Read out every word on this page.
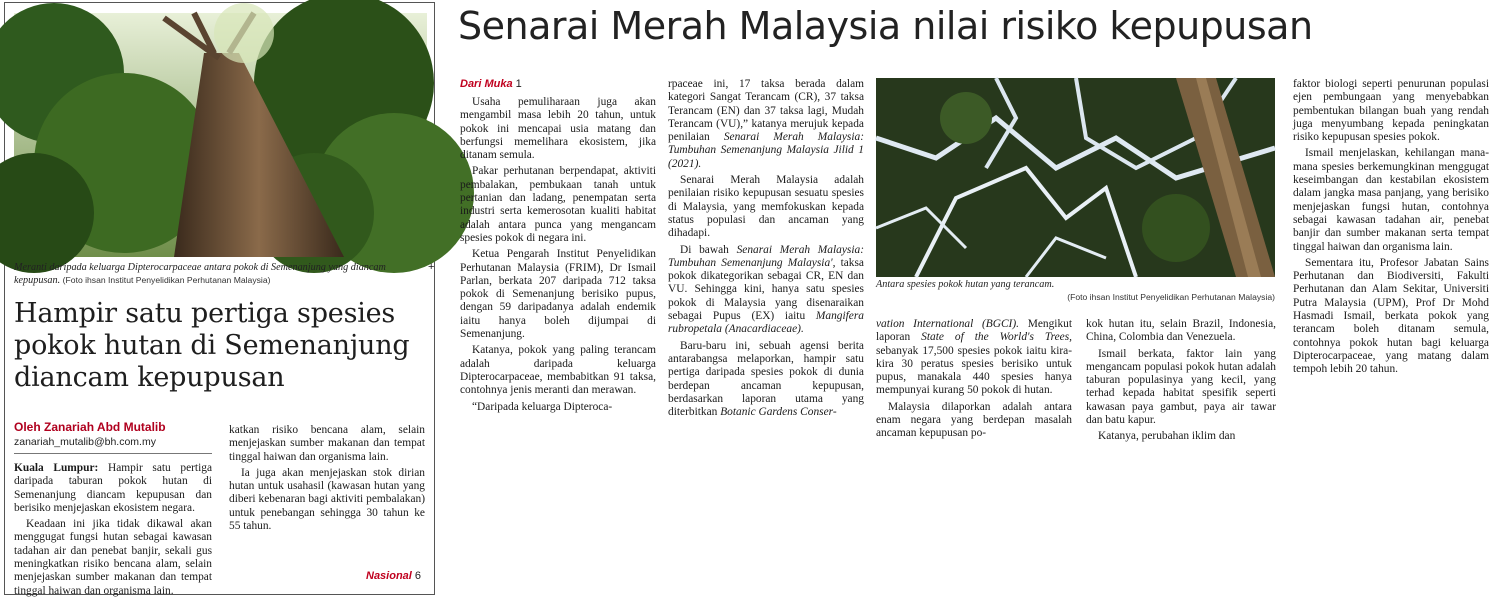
Meranti daripada keluarga Dipterocarpaceae antara pokok di Semenanjung yang diancam kepupusan. (Foto ihsan Institut Penyelidikan Perhutanan Malaysia)
+
Hampir satu pertiga spesies pokok hutan di Semenanjung diancam kepupusan
Oleh Zanariah Abd Mutalib
zanariah_mutalib@bh.com.my

Kuala Lumpur: Hampir satu pertiga daripada taburan pokok hutan di Semenanjung diancam kepupusan dan berisiko menjejaskan ekosistem negara.

Keadaan ini jika tidak dikawal akan menggugat fungsi hutan sebagai kawasan tadahan air dan penebat banjir, sekali gus meningkatkan risiko bencana alam, selain menjejaskan sumber makanan dan tempat tinggal haiwan dan organisma lain.

katkan risiko bencana alam, selain menjejaskan sumber makanan dan tempat tinggal haiwan dan organisma lain.

Ia juga akan menjejaskan stok dirian hutan untuk usahasil (kawasan hutan yang diberi kebenaran bagi aktiviti pembalakan) untuk penebangan sehingga 30 tahun ke 55 tahun.

Nasional 6
Senarai Merah Malaysia nilai risiko kepupusan
Dari Muka 1

Usaha pemuliharaan juga akan mengambil masa lebih 20 tahun, untuk pokok ini mencapai usia matang dan berfungsi memelihara ekosistem, jika ditanam semula.

Pakar perhutanan berpendapat, aktiviti pembalakan, pembukaan tanah untuk pertanian dan ladang, penempatan serta industri serta kemerosotan kualiti habitat adalah antara punca yang mengancam spesies pokok di negara ini.

Ketua Pengarah Institut Penyelidikan Perhutanan Malaysia (FRIM), Dr Ismail Parlan, berkata 207 daripada 712 taksa pokok di Semenanjung berisiko pupus, dengan 59 daripadanya adalah endemik iaitu hanya boleh dijumpai di Semenanjung.

Katanya, pokok yang paling terancam adalah daripada keluarga Dipterocarpaceae, membabitkan 91 taksa, contohnya jenis meranti dan merawan.

“Daripada keluarga Dipteroca-

rpaceae ini, 17 taksa berada dalam kategori Sangat Terancam (CR), 37 taksa Terancam (EN) dan 37 taksa lagi, Mudah Terancam (VU),” katanya merujuk kepada penilaian Senarai Merah Malaysia: Tumbuhan Semenanjung Malaysia Jilid 1 (2021).

Senarai Merah Malaysia adalah penilaian risiko kepupusan sesuatu spesies di Malaysia, yang memfokuskan kepada status populasi dan ancaman yang dihadapi.

Di bawah Senarai Merah Malaysia: Tumbuhan Semenanjung Malaysia', taksa pokok dikategorikan sebagai CR, EN dan VU. Sehingga kini, hanya satu spesies pokok di Malaysia yang disenaraikan sebagai Pupus (EX) iaitu Mangifera rubropetala (Anacardiaceae).

Baru-baru ini, sebuah agensi berita antarabangsa melaporkan, hampir satu pertiga daripada spesies pokok di dunia berdepan ancaman kepupusan, berdasarkan laporan utama yang diterbitkan Botanic Gardens Conser-

Antara spesies pokok hutan yang terancam.
(Foto ihsan Institut Penyelidikan Perhutanan Malaysia)

vation International (BGCI). Mengikut laporan State of the World's Trees, sebanyak 17,500 spesies pokok iaitu kira-kira 30 peratus spesies berisiko untuk pupus, manakala 440 spesies hanya mempunyai kurang 50 pokok di hutan.

Malaysia dilaporkan adalah antara enam negara yang berdepan masalah ancaman kepupusan po-

kok hutan itu, selain Brazil, Indonesia, China, Colombia dan Venezuela.

Ismail berkata, faktor lain yang mengancam populasi pokok hutan adalah taburan populasinya yang kecil, yang terhad kepada habitat spesifik seperti kawasan paya gambut, paya air tawar dan batu kapur.

Katanya, perubahan iklim dan

faktor biologi seperti penurunan populasi ejen pembungaan yang menyebabkan pembentukan bilangan buah yang rendah juga menyumbang kepada peningkatan risiko kepupusan spesies pokok.

Ismail menjelaskan, kehilangan mana-mana spesies berkemungkinan menggugat keseimbangan dan kestabilan ekosistem dalam jangka masa panjang, yang berisiko menjejaskan fungsi hutan, contohnya sebagai kawasan tadahan air, penebat banjir dan sumber makanan serta tempat tinggal haiwan dan organisma lain.

Sementara itu, Profesor Jabatan Sains Perhutanan dan Biodiversiti, Fakulti Perhutanan dan Alam Sekitar, Universiti Putra Malaysia (UPM), Prof Dr Mohd Hasmadi Ismail, berkata pokok yang terancam boleh ditanam semula, contohnya pokok hutan bagi keluarga Dipterocarpaceae, yang matang dalam tempoh lebih 20 tahun.
